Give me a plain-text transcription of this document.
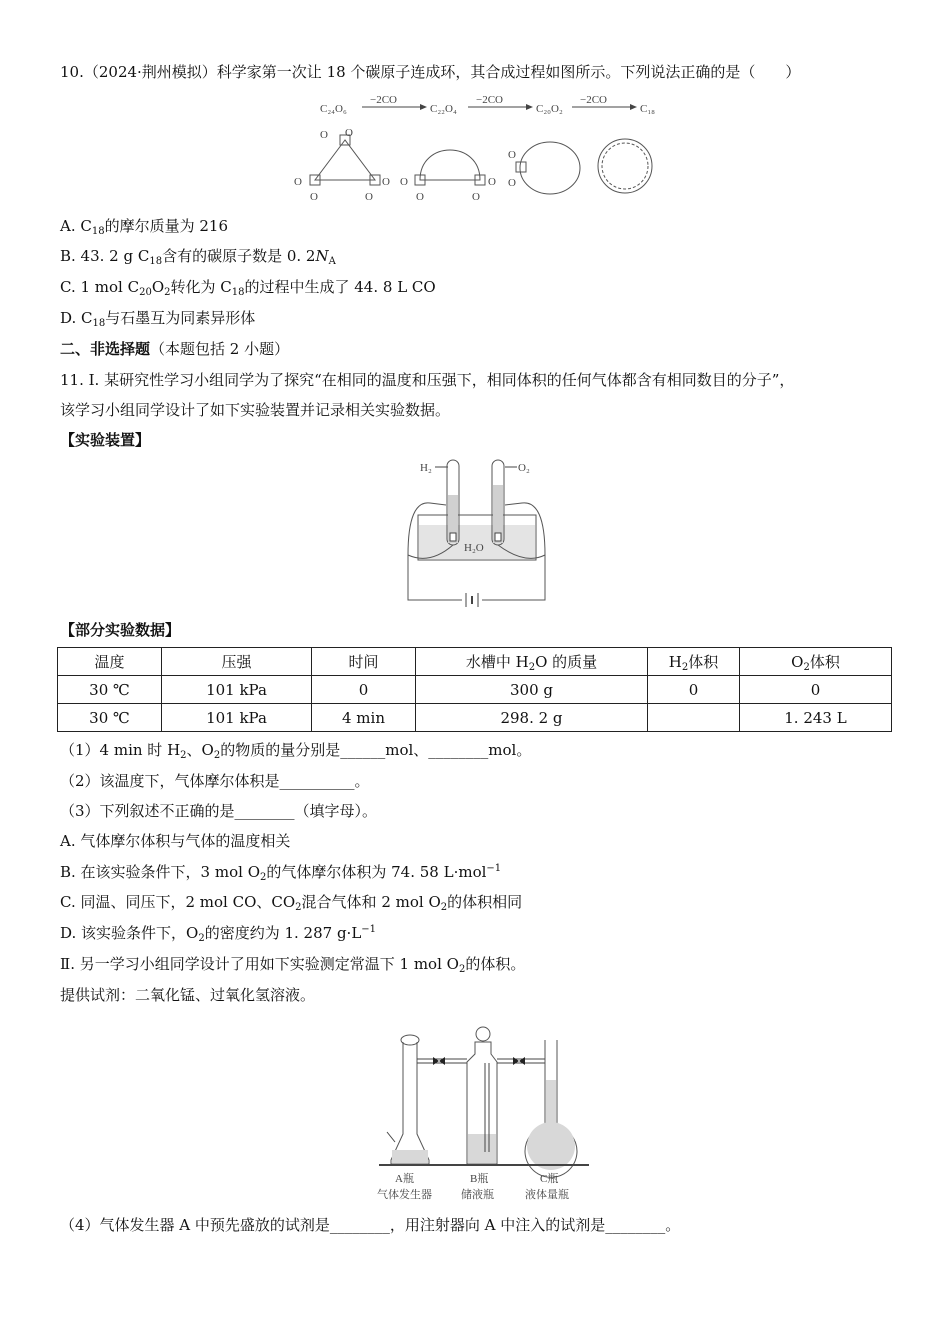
10.（2024·荆州模拟）科学家第一次让 18 个碳原子连成环，其合成过程如图所示。下列说法正确的是（　　）
C₂₄O₆
−2CO
C₂₂O₄
−2CO
C₂₀O₂
−2CO
C₁₈
O O
O
O
O
O
O
O
O
O
O
O
A. $C_{18}$的摩尔质量为 216
B. 43. 2 g $C_{18}$含有的碳原子数是 0. $2N_A$
C. 1 mol $C_{20}O_2$转化为 $C_{18}$的过程中生成了 44. 8 L CO
D. $C_{18}$与石墨互为同素异形体
二、非选择题（本题包括 2 小题）
11. Ⅰ. 某研究性学习小组同学为了探究“在相同的温度和压强下，相同体积的任何气体都含有相同数目的分子”，
该学习小组同学设计了如下实验装置并记录相关实验数据。
【实验装置】
H₂	O₂
H₂O
【部分实验数据】
温度	压强	时间	水槽中 $H_2O$ 的质量	$H_2$体积	$O_2$体积
30 ℃	101 kPa	0	300 g	0	0
30 ℃	101 kPa	4 min	298. 2 g		1. 243 L
（1）4 min 时 $H_2$、$O_2$的物质的量分别是______mol、________mol。
（2）该温度下，气体摩尔体积是__________。
（3）下列叙述不正确的是________（填字母）。
A. 气体摩尔体积与气体的温度相关
B. 在该实验条件下，3 mol $O_2$的气体摩尔体积为 74. 58 L·mol$^{-1}$
C. 同温、同压下，2 mol CO、$CO_2$混合气体和 2 mol $O_2$的体积相同
D. 该实验条件下，$O_2$的密度约为 1. 287 $g\cdot L^{-1}$
Ⅱ. 另一学习小组同学设计了用如下实验测定常温下 1 mol $O_2$的体积。
提供试剂：二氧化锰、过氧化氢溶液。
A瓶
气体发生器
B瓶
储液瓶
C瓶
液体量瓶
（4）气体发生器 A 中预先盛放的试剂是________，用注射器向 A 中注入的试剂是________。
